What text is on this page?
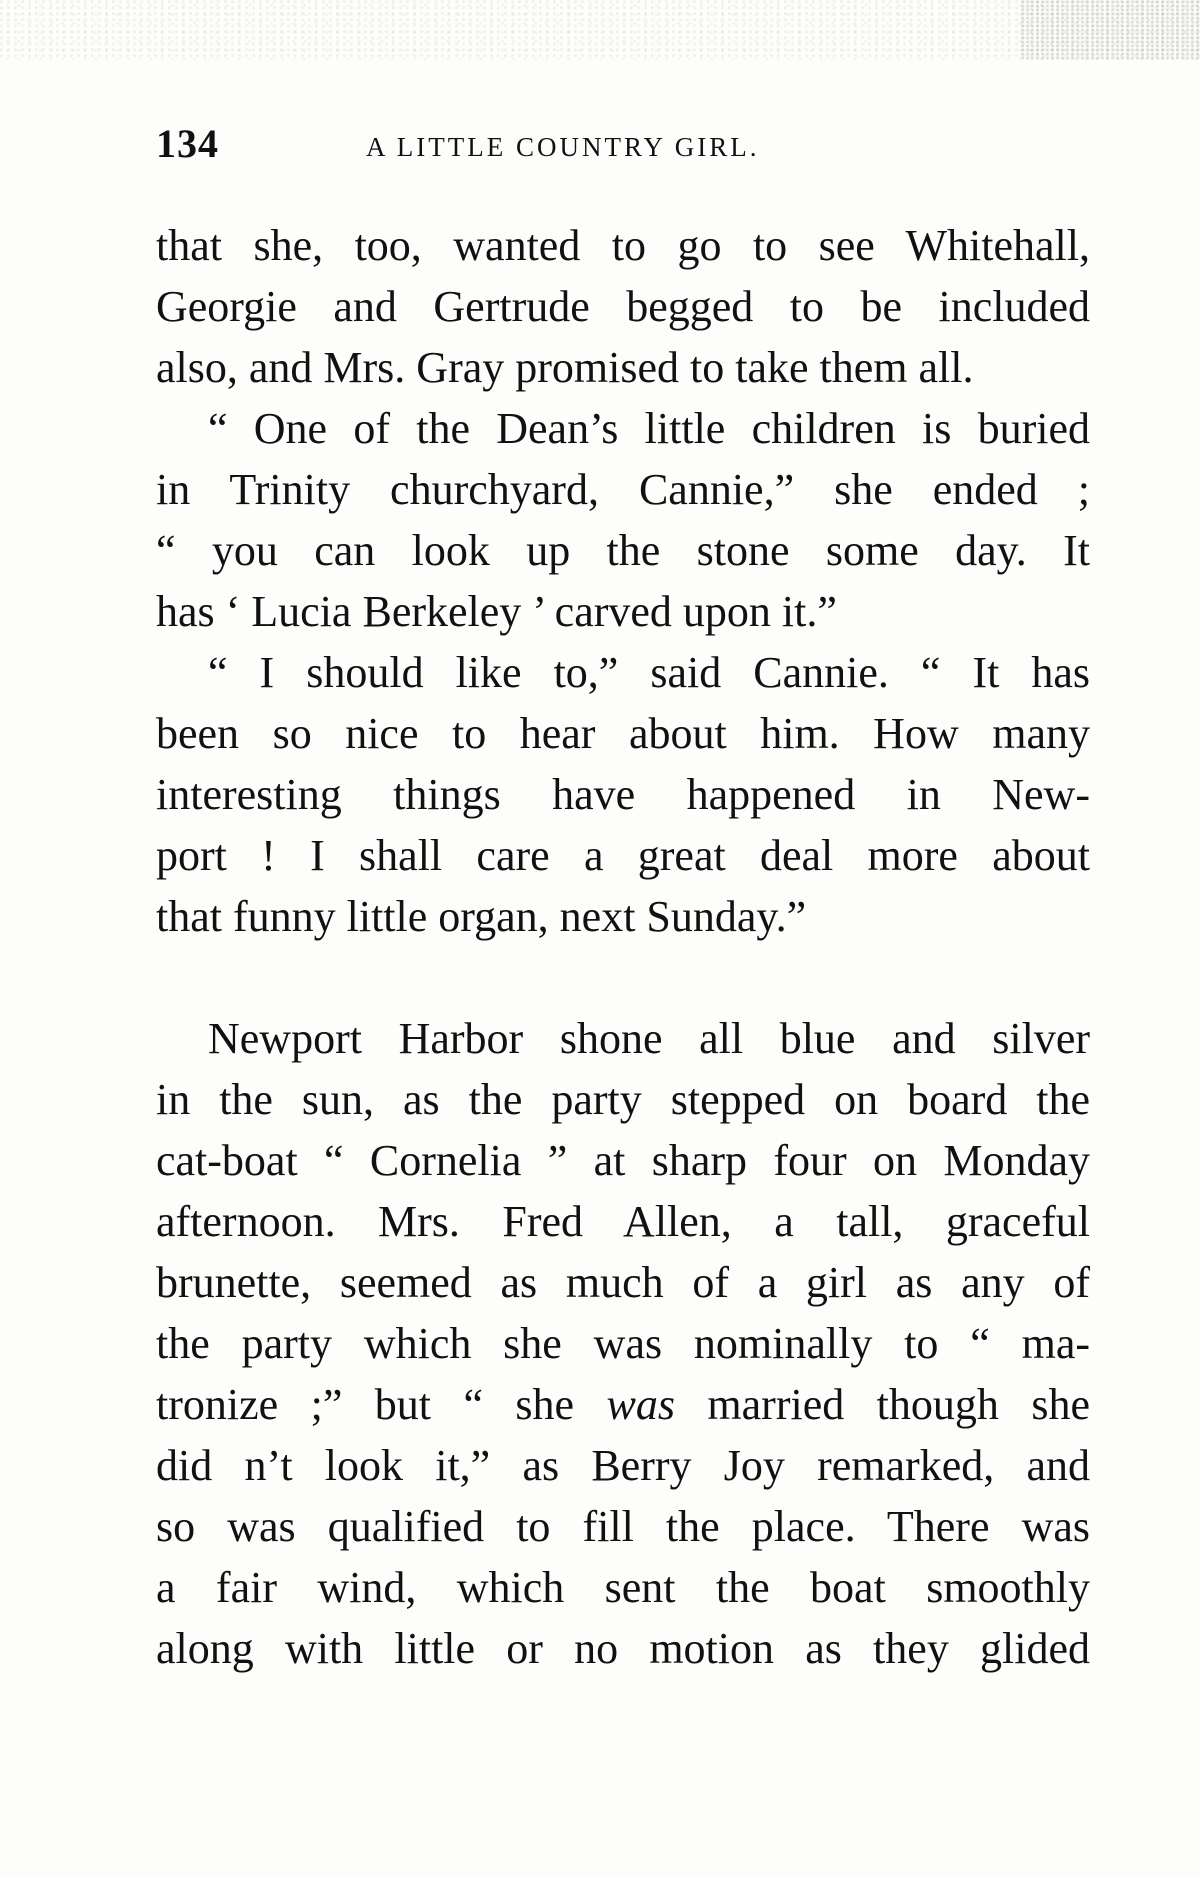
134	A LITTLE COUNTRY GIRL.
that she, too, wanted to go to see Whitehall,
Georgie and Gertrude begged to be included
also, and Mrs. Gray promised to take them all.
“ One of the Dean’s little children is buried
in Trinity churchyard, Cannie,” she ended ;
“ you can look up the stone some day. It
has ‘ Lucia Berkeley ’ carved upon it.”
“ I should like to,” said Cannie. “ It has
been so nice to hear about him. How many
interesting things have happened in New-
port ! I shall care a great deal more about
that funny little organ, next Sunday.”
Newport Harbor shone all blue and silver
in the sun, as the party stepped on board the
cat-boat “ Cornelia ” at sharp four on Monday
afternoon. Mrs. Fred Allen, a tall, graceful
brunette, seemed as much of a girl as any of
the party which she was nominally to “ ma-
tronize ;” but “ she was married though she
did n’t look it,” as Berry Joy remarked, and
so was qualified to fill the place. There was
a fair wind, which sent the boat smoothly
along with little or no motion as they glided
